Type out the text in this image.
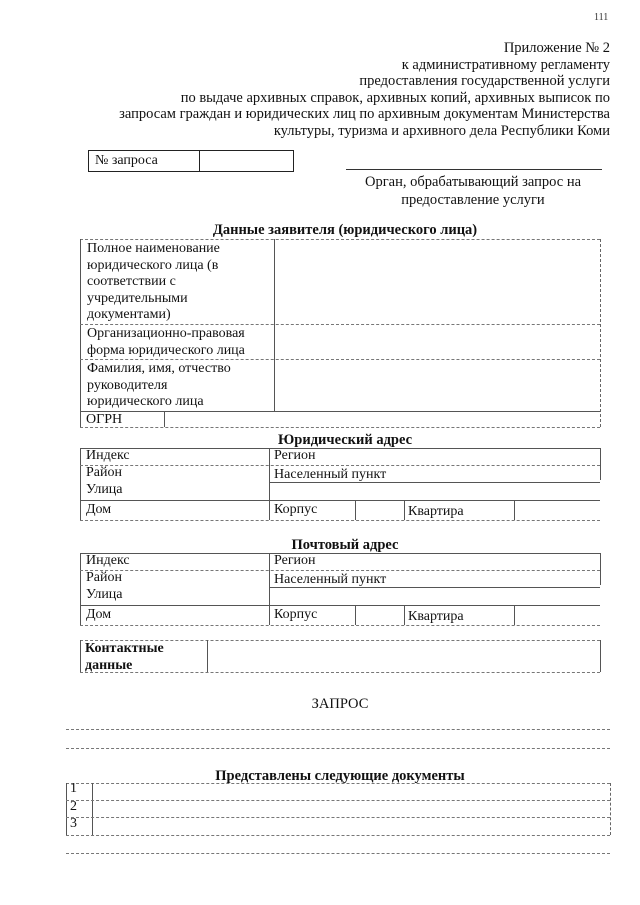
111
Приложение № 2
к административному регламенту
предоставления государственной услуги
по выдаче архивных справок, архивных копий, архивных выписок по
запросам граждан и юридических лиц по архивным документам Министерства
культуры, туризма и архивного дела Республики Коми
№ запроса
Орган, обрабатывающий запрос на
предоставление услуги
Данные заявителя (юридического лица)
Полное наименование
юридического лица (в
соответствии с
учредительными
документами)
Организационно-правовая
форма юридического лица
Фамилия, имя, отчество
руководителя
юридического лица
ОГРН
Юридический адрес
Индекс	Регион
Район	Населенный пункт
Улица
Дом	Корпус	Квартира
Почтовый адрес
Индекс	Регион
Район	Населенный пункт
Улица
Дом	Корпус	Квартира
Контактные
данные
ЗАПРОС
Представлены следующие документы
1
2
3
